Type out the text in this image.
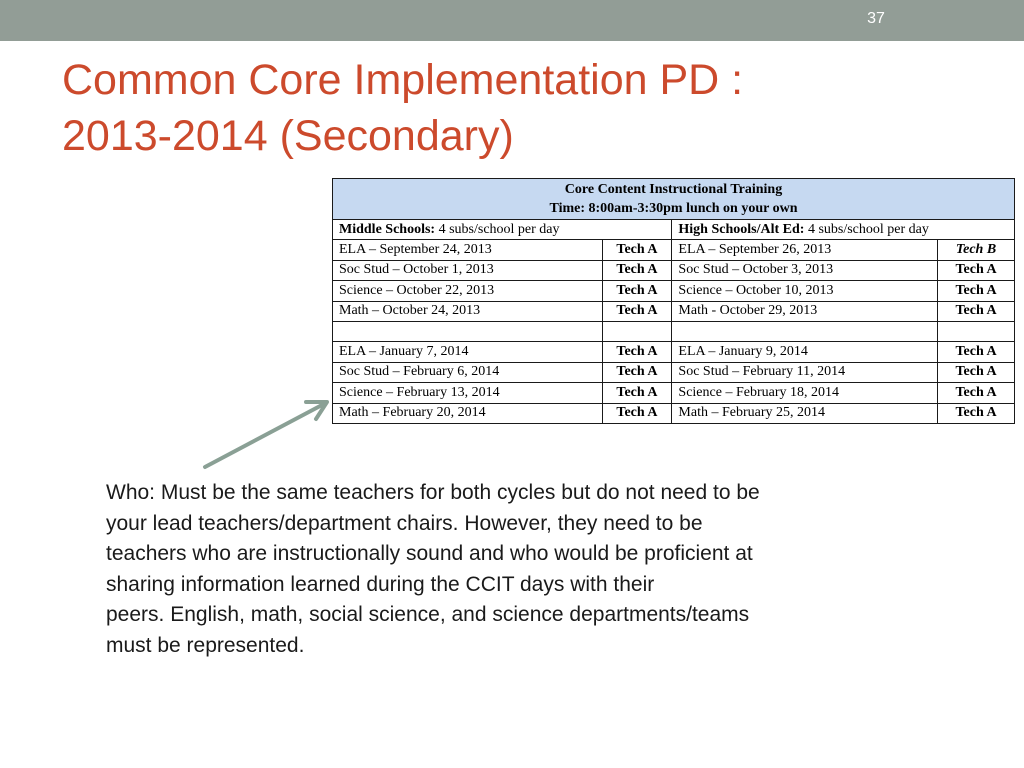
37
Common Core Implementation PD :
2013-2014 (Secondary)
Core Content Instructional Training
Time: 8:00am-3:30pm lunch on your own			

Middle Schools: 4 subs/school per day		High Schools/Alt Ed: 4 subs/school per day	
ELA – September 24, 2013	Tech A	ELA – September 26, 2013	Tech B
Soc Stud – October 1, 2013	Tech A	Soc Stud – October 3, 2013	Tech A
Science – October 22, 2013	Tech A	Science – October 10, 2013	Tech A
Math – October 24, 2013	Tech A	Math - October 29, 2013	Tech A

ELA – January 7, 2014	Tech A	ELA – January 9, 2014	Tech A
Soc Stud – February 6, 2014	Tech A	Soc Stud – February 11, 2014	Tech A
Science – February 13, 2014	Tech A	Science – February 18, 2014	Tech A
Math – February 20, 2014	Tech A	Math – February 25, 2014	Tech A

Who: Must be the same teachers for both cycles but do not need to be
your lead teachers/department chairs. However, they need to be
teachers who are instructionally sound and who would be proficient at
sharing information learned during the CCIT days with their
peers. English, math, social science, and science departments/teams
must be represented.
